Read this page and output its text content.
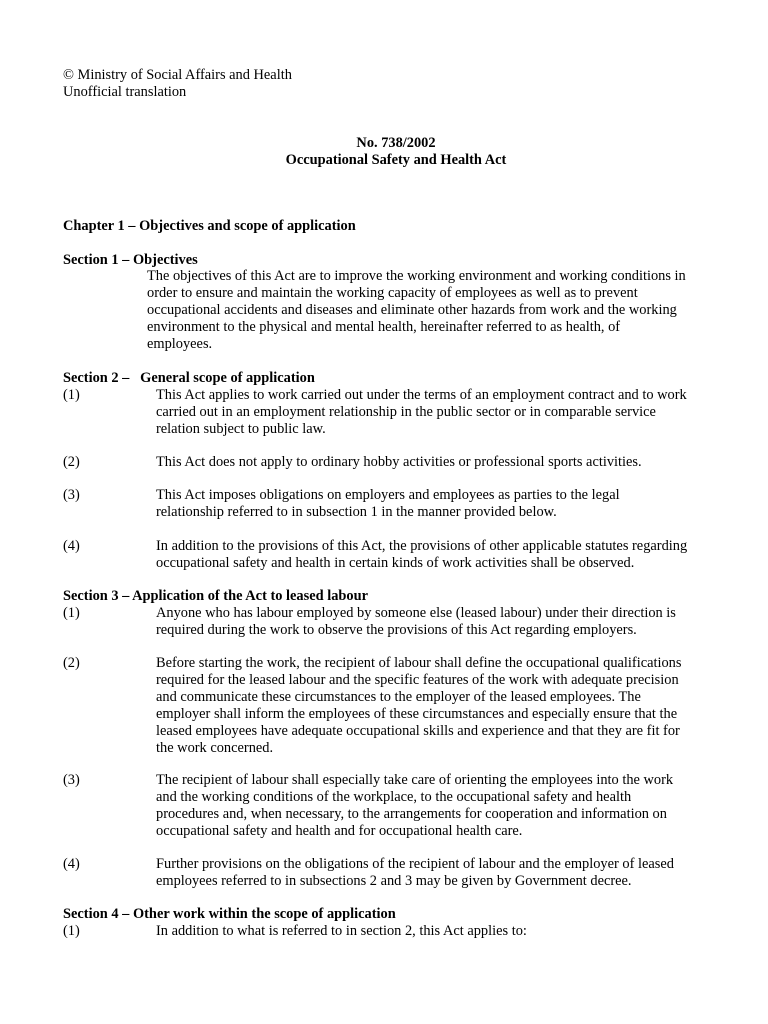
© Ministry of Social Affairs and Health
Unofficial translation
No. 738/2002
Occupational Safety and Health Act
Chapter 1 – Objectives and scope of application
Section 1 – Objectives
The objectives of this Act are to improve the working environment and working conditions in
order to ensure and maintain the working capacity of employees as well as to prevent
occupational accidents and diseases and eliminate other hazards from work and the working
environment to the physical and mental health, hereinafter referred to as health, of
employees.
Section 2 –   General scope of application
(1)	This Act applies to work carried out under the terms of an employment contract and to work
carried out in an employment relationship in the public sector or in comparable service
relation subject to public law.
(2)	This Act does not apply to ordinary hobby activities or professional sports activities.
(3)	This Act imposes obligations on employers and employees as parties to the legal
relationship referred to in subsection 1 in the manner provided below.
(4)	In addition to the provisions of this Act, the provisions of other applicable statutes regarding
occupational safety and health in certain kinds of work activities shall be observed.
Section 3 – Application of the Act to leased labour
(1)	Anyone who has labour employed by someone else (leased labour) under their direction is
required during the work to observe the provisions of this Act regarding employers.
(2)	Before starting the work, the recipient of labour shall define the occupational qualifications
required for the leased labour and the specific features of the work with adequate precision
and communicate these circumstances to the employer of the leased employees. The
employer shall inform the employees of these circumstances and especially ensure that the
leased employees have adequate occupational skills and experience and that they are fit for
the work concerned.
(3)	The recipient of labour shall especially take care of orienting the employees into the work
and the working conditions of the workplace, to the occupational safety and health
procedures and, when necessary, to the arrangements for cooperation and information on
occupational safety and health and for occupational health care.
(4)	Further provisions on the obligations of the recipient of labour and the employer of leased
employees referred to in subsections 2 and 3 may be given by Government decree.
Section 4 – Other work within the scope of application
(1)	In addition to what is referred to in section 2, this Act applies to:
